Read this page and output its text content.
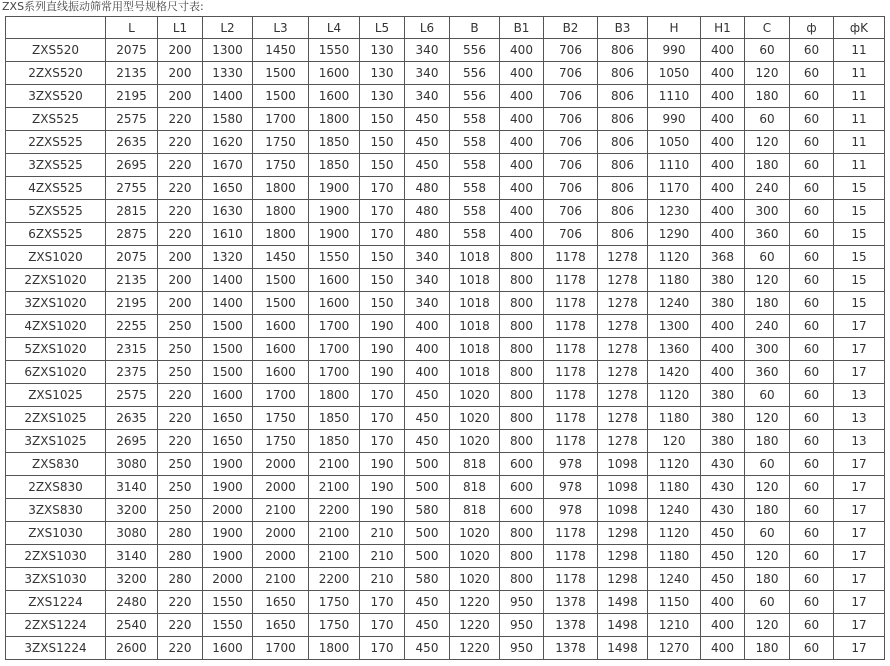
ZXS系列直线振动筛常用型号规格尺寸表:
	L	L1	L2	L3	L4	L5	L6	B	B1	B2	B3	H	H1	C	ф	фK
ZXS520	2075	200	1300	1450	1550	130	340	556	400	706	806	990	400	60	60	11
2ZXS520	2135	200	1330	1500	1600	130	340	556	400	706	806	1050	400	120	60	11
3ZXS520	2195	200	1400	1500	1600	130	340	556	400	706	806	1110	400	180	60	11
ZXS525	2575	220	1580	1700	1800	150	450	558	400	706	806	990	400	60	60	11
2ZXS525	2635	220	1620	1750	1850	150	450	558	400	706	806	1050	400	120	60	11
3ZXS525	2695	220	1670	1750	1850	150	450	558	400	706	806	1110	400	180	60	11
4ZXS525	2755	220	1650	1800	1900	170	480	558	400	706	806	1170	400	240	60	15
5ZXS525	2815	220	1630	1800	1900	170	480	558	400	706	806	1230	400	300	60	15
6ZXS525	2875	220	1610	1800	1900	170	480	558	400	706	806	1290	400	360	60	15
ZXS1020	2075	200	1320	1450	1550	150	340	1018	800	1178	1278	1120	368	60	60	15
2ZXS1020	2135	200	1400	1500	1600	150	340	1018	800	1178	1278	1180	380	120	60	15
3ZXS1020	2195	200	1400	1500	1600	150	340	1018	800	1178	1278	1240	380	180	60	15
4ZXS1020	2255	250	1500	1600	1700	190	400	1018	800	1178	1278	1300	400	240	60	17
5ZXS1020	2315	250	1500	1600	1700	190	400	1018	800	1178	1278	1360	400	300	60	17
6ZXS1020	2375	250	1500	1600	1700	190	400	1018	800	1178	1278	1420	400	360	60	17
ZXS1025	2575	220	1600	1700	1800	170	450	1020	800	1178	1278	1120	380	60	60	13
2ZXS1025	2635	220	1650	1750	1850	170	450	1020	800	1178	1278	1180	380	120	60	13
3ZXS1025	2695	220	1650	1750	1850	170	450	1020	800	1178	1278	120	380	180	60	13
ZXS830	3080	250	1900	2000	2100	190	500	818	600	978	1098	1120	430	60	60	17
2ZXS830	3140	250	1900	2000	2100	190	500	818	600	978	1098	1180	430	120	60	17
3ZXS830	3200	250	2000	2100	2200	190	580	818	600	978	1098	1240	430	180	60	17
ZXS1030	3080	280	1900	2000	2100	210	500	1020	800	1178	1298	1120	450	60	60	17
2ZXS1030	3140	280	1900	2000	2100	210	500	1020	800	1178	1298	1180	450	120	60	17
3ZXS1030	3200	280	2000	2100	2200	210	580	1020	800	1178	1298	1240	450	180	60	17
ZXS1224	2480	220	1550	1650	1750	170	450	1220	950	1378	1498	1150	400	60	60	17
2ZXS1224	2540	220	1550	1650	1750	170	450	1220	950	1378	1498	1210	400	120	60	17
3ZXS1224	2600	220	1600	1700	1800	170	450	1220	950	1378	1498	1270	400	180	60	17
